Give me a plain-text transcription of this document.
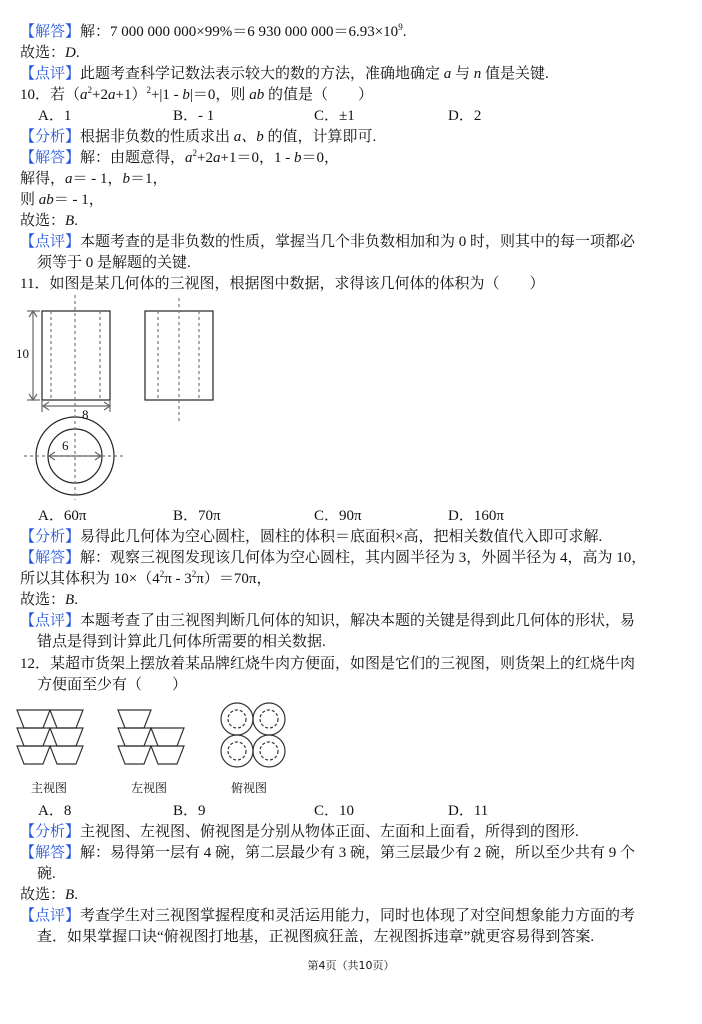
【解答】解：7 000 000 000×99%＝6 930 000 $000=6.93\times 10^9$.
故选：D.
【点评】此题考查科学记数法表示较大的数的方法，准确地确定 a 与 n 值是关键.
10．若$(a^2+2a+1)^2+|1 - b|=0$，则 ab 的值是（　　）
A．1	B．- 1	C．±1	D．2
【分析】根据非负数的性质求出 a、b 的值，计算即可.
【解答】解：由题意得，$a^2+2a+1=0$，1 - b＝0，
解得，a＝ - 1，b＝1，
则 ab＝ - 1，
故选：B.
【点评】本题考查的是非负数的性质，掌握当几个非负数相加和为 0 时，则其中的每一项都必
须等于 0 是解题的关键.
11．如图是某几何体的三视图，根据图中数据，求得该几何体的体积为（　　）
10
8
6
A．60π	B．70π	C．90π	D．160π
【分析】易得此几何体为空心圆柱，圆柱的体积＝底面积×高，把相关数值代入即可求解.
【解答】解：观察三视图发现该几何体为空心圆柱，其内圆半径为 3，外圆半径为 4，高为 10，
所以其体积为 $10\times(4^2\pi - 3^2\pi)=70\pi$，
故选：B.
【点评】本题考查了由三视图判断几何体的知识，解决本题的关键是得到此几何体的形状，易
错点是得到计算此几何体所需要的相关数据.
12．某超市货架上摆放着某品牌红烧牛肉方便面，如图是它们的三视图，则货架上的红烧牛肉
方便面至少有（　　）
主视图	左视图	俯视图
A．8	B．9	C．10	D．11
【分析】主视图、左视图、俯视图是分别从物体正面、左面和上面看，所得到的图形.
【解答】解：易得第一层有 4 碗，第二层最少有 3 碗，第三层最少有 2 碗，所以至少共有 9 个
碗.
故选：B.
【点评】考查学生对三视图掌握程度和灵活运用能力，同时也体现了对空间想象能力方面的考
查．如果掌握口诀“俯视图打地基，正视图疯狂盖，左视图拆违章”就更容易得到答案.
第4页（共10页）
